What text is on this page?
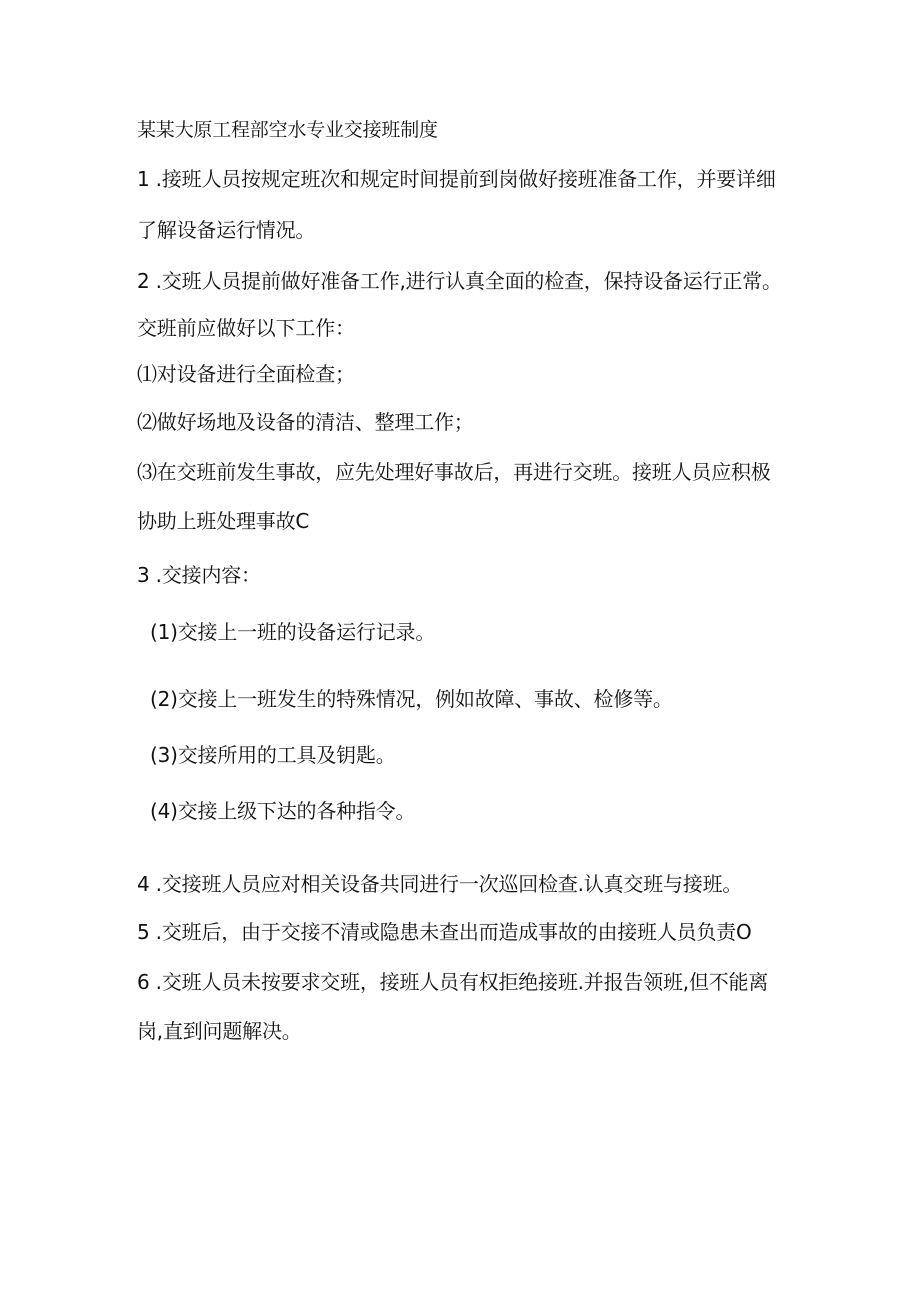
某某大原工程部空水专业交接班制度
1 .接班人员按规定班次和规定时间提前到岗做好接班准备工作，并要详细
了解设备运行情况。
2 .交班人员提前做好准备工作,进行认真全面的检查，保持设备运行正常。
交班前应做好以下工作：
⑴对设备进行全面检查；
⑵做好场地及设备的清洁、整理工作；
⑶在交班前发生事故，应先处理好事故后，再进行交班。接班人员应积极
协助上班处理事故C
3 .交接内容：
(1)交接上一班的设备运行记录。
(2)交接上一班发生的特殊情况，例如故障、事故、检修等。
(3)交接所用的工具及钥匙。
(4)交接上级下达的各种指令。
4 .交接班人员应对相关设备共同进行一次巡回检查.认真交班与接班。
5 .交班后，由于交接不清或隐患未查出而造成事故的由接班人员负责O
6 .交班人员未按要求交班，接班人员有权拒绝接班.并报告领班,但不能离
岗,直到问题解决。
